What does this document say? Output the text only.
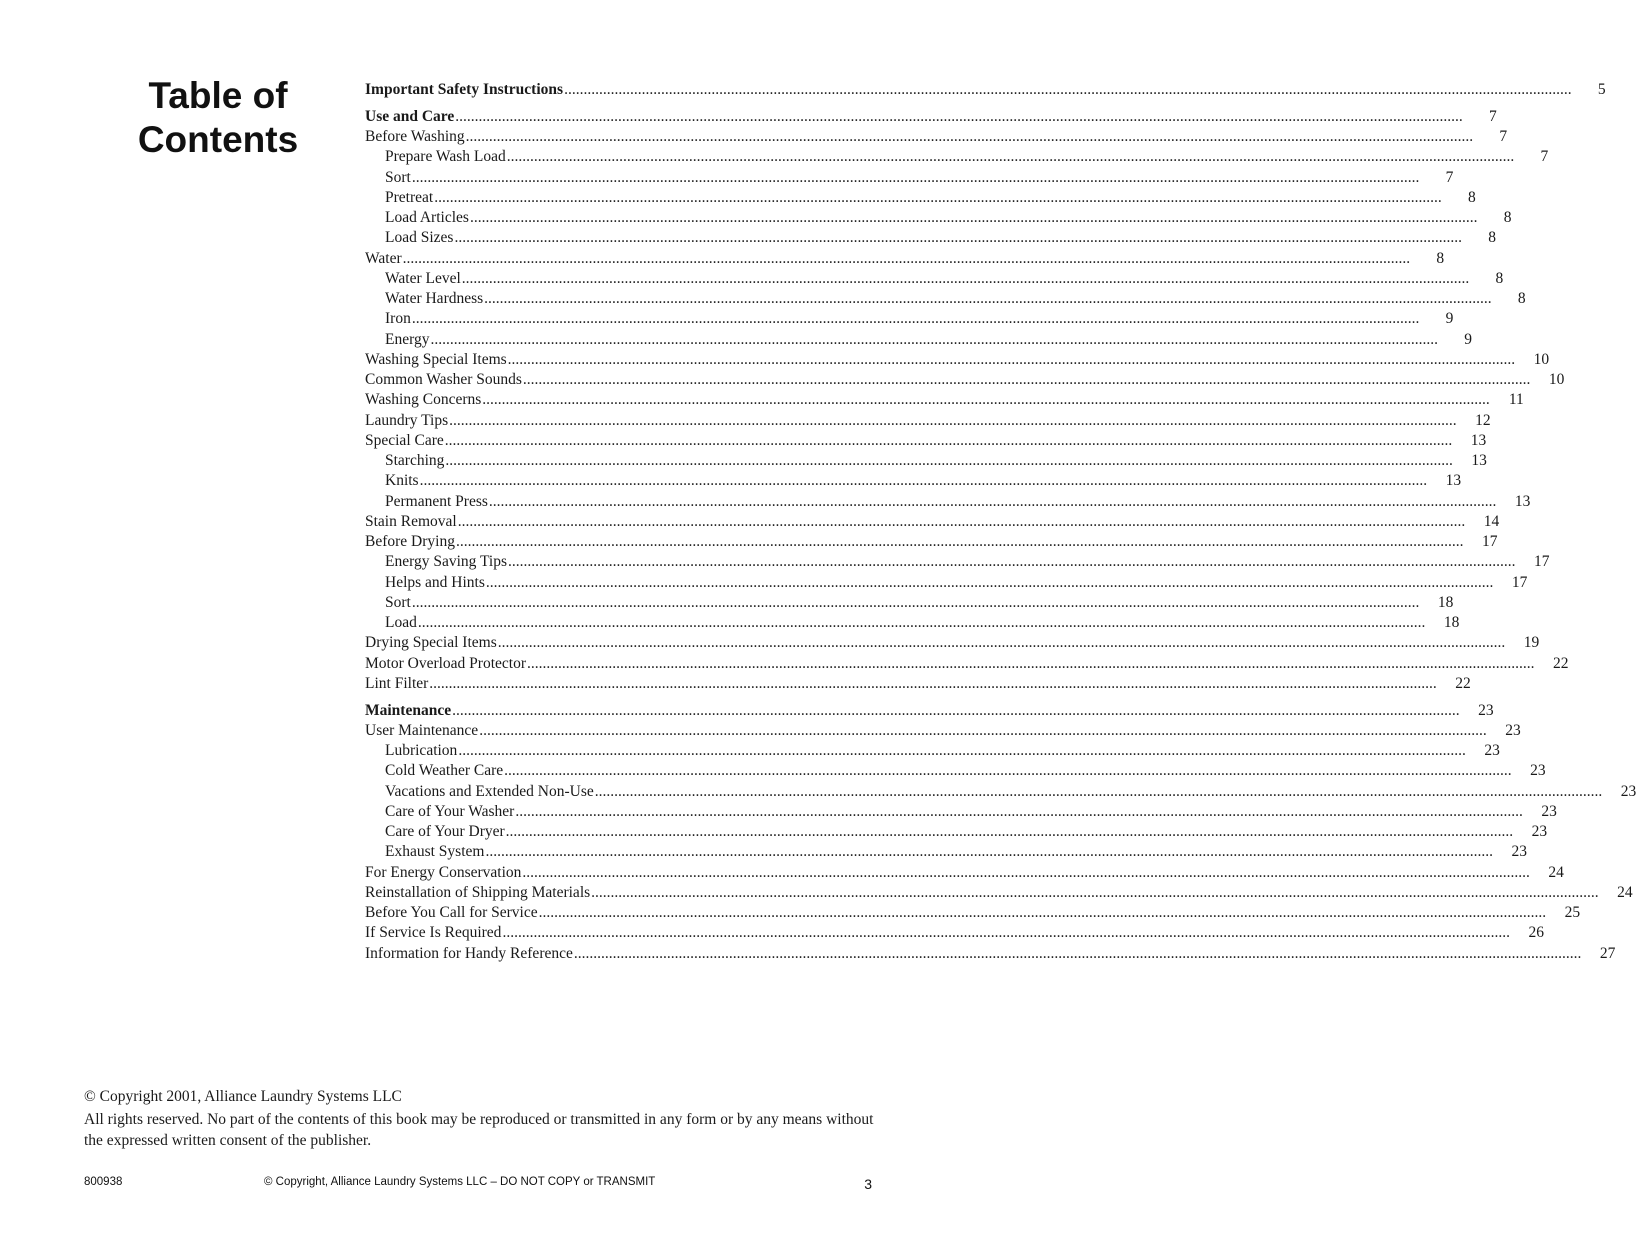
Table of
Contents
Important Safety Instructions ....................................................................................................................................................................................................................................................................	5
Use and Care ....................................................................................................................................................................................................................................................................	7
Before Washing ....................................................................................................................................................................................................................................................................	7
Prepare Wash Load ....................................................................................................................................................................................................................................................................	7
Sort ....................................................................................................................................................................................................................................................................	7
Pretreat ....................................................................................................................................................................................................................................................................	8
Load Articles ....................................................................................................................................................................................................................................................................	8
Load Sizes ....................................................................................................................................................................................................................................................................	8
Water ....................................................................................................................................................................................................................................................................	8
Water Level ....................................................................................................................................................................................................................................................................	8
Water Hardness ....................................................................................................................................................................................................................................................................	8
Iron ....................................................................................................................................................................................................................................................................	9
Energy ....................................................................................................................................................................................................................................................................	9
Washing Special Items ....................................................................................................................................................................................................................................................................	10
Common Washer Sounds ....................................................................................................................................................................................................................................................................	10
Washing Concerns ....................................................................................................................................................................................................................................................................	11
Laundry Tips ....................................................................................................................................................................................................................................................................	12
Special Care ....................................................................................................................................................................................................................................................................	13
Starching ....................................................................................................................................................................................................................................................................	13
Knits ....................................................................................................................................................................................................................................................................	13
Permanent Press ....................................................................................................................................................................................................................................................................	13
Stain Removal ....................................................................................................................................................................................................................................................................	14
Before Drying ....................................................................................................................................................................................................................................................................	17
Energy Saving Tips ....................................................................................................................................................................................................................................................................	17
Helps and Hints ....................................................................................................................................................................................................................................................................	17
Sort ....................................................................................................................................................................................................................................................................	18
Load ....................................................................................................................................................................................................................................................................	18
Drying Special Items ....................................................................................................................................................................................................................................................................	19
Motor Overload Protector ....................................................................................................................................................................................................................................................................	22
Lint Filter ....................................................................................................................................................................................................................................................................	22
Maintenance ....................................................................................................................................................................................................................................................................	23
User Maintenance ....................................................................................................................................................................................................................................................................	23
Lubrication ....................................................................................................................................................................................................................................................................	23
Cold Weather Care ....................................................................................................................................................................................................................................................................	23
Vacations and Extended Non-Use ....................................................................................................................................................................................................................................................................	23
Care of Your Washer ....................................................................................................................................................................................................................................................................	23
Care of Your Dryer ....................................................................................................................................................................................................................................................................	23
Exhaust System ....................................................................................................................................................................................................................................................................	23
For Energy Conservation ....................................................................................................................................................................................................................................................................	24
Reinstallation of Shipping Materials ....................................................................................................................................................................................................................................................................	24
Before You Call for Service ....................................................................................................................................................................................................................................................................	25
If Service Is Required ....................................................................................................................................................................................................................................................................	26
Information for Handy Reference ....................................................................................................................................................................................................................................................................	27
© Copyright 2001, Alliance Laundry Systems LLC
All rights reserved. No part of the contents of this book may be reproduced or transmitted in any form or by any means without the expressed written consent of the publisher.
800938	© Copyright, Alliance Laundry Systems LLC – DO NOT COPY or TRANSMIT	3
